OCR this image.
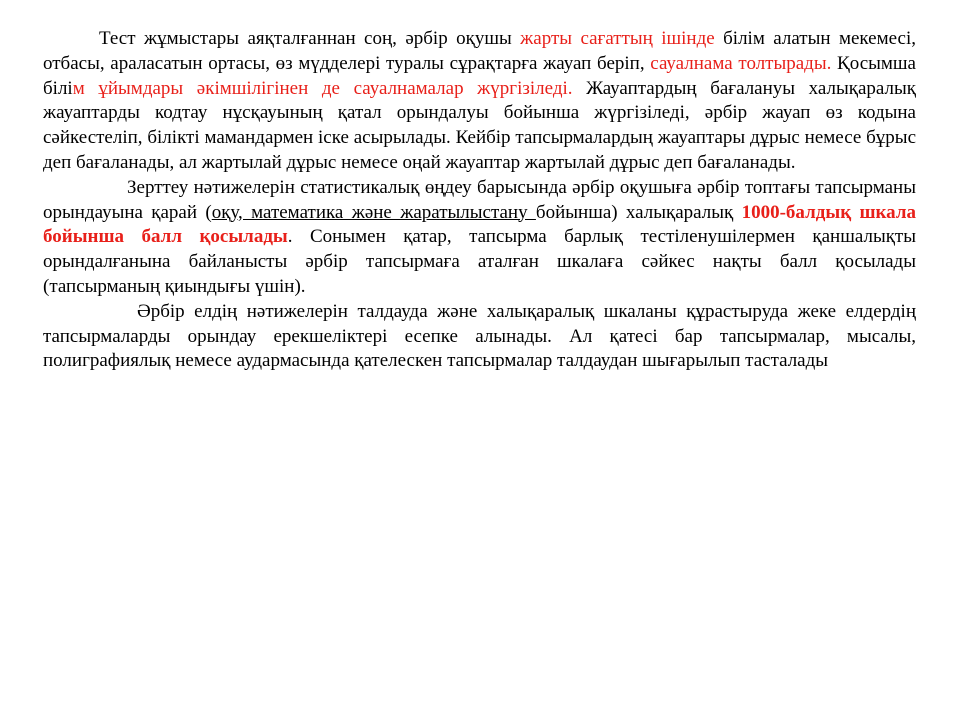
Тест жұмыстары аяқталғаннан соң, әрбір оқушы жарты сағаттың ішінде білім алатын мекемесі, отбасы, араласатын ортасы, өз мүдделері туралы сұрақтарға жауап беріп, сауалнама толтырады. Қосымша білім ұйымдары әкімшілігінен де сауалнамалар жүргізіледі. Жауаптардың бағалануы халықаралық жауаптарды кодтау нұсқауының қатал орындалуы бойынша жүргізіледі, әрбір жауап өз кодына сәйкестеліп, білікті мамандармен іске асырылады. Кейбір тапсырмалардың жауаптары дұрыс немесе бұрыс деп бағаланады, ал жартылай дұрыс немесе оңай жауаптар жартылай дұрыс деп бағаланады.

Зерттеу нәтижелерін статистикалық өңдеу барысында әрбір оқушыға әрбір топтағы тапсырманы орындауына қарай (оқу, математика және жаратылыстану бойынша) халықаралық 1000-балдық шкала бойынша балл қосылады. Сонымен қатар, тапсырма барлық тестіленушілермен қаншалықты орындалғанына байланысты әрбір тапсырмаға аталған шкалаға сәйкес нақты балл қосылады (тапсырманың қиындығы үшін).

Әрбір елдің нәтижелерін талдауда және халықаралық шкаланы құрастыруда жеке елдердің тапсырмаларды орындау ерекшеліктері есепке алынады. Ал қатесі бар тапсырмалар, мысалы, полиграфиялық немесе аудармасында қателескен тапсырмалар талдаудан шығарылып тасталады
